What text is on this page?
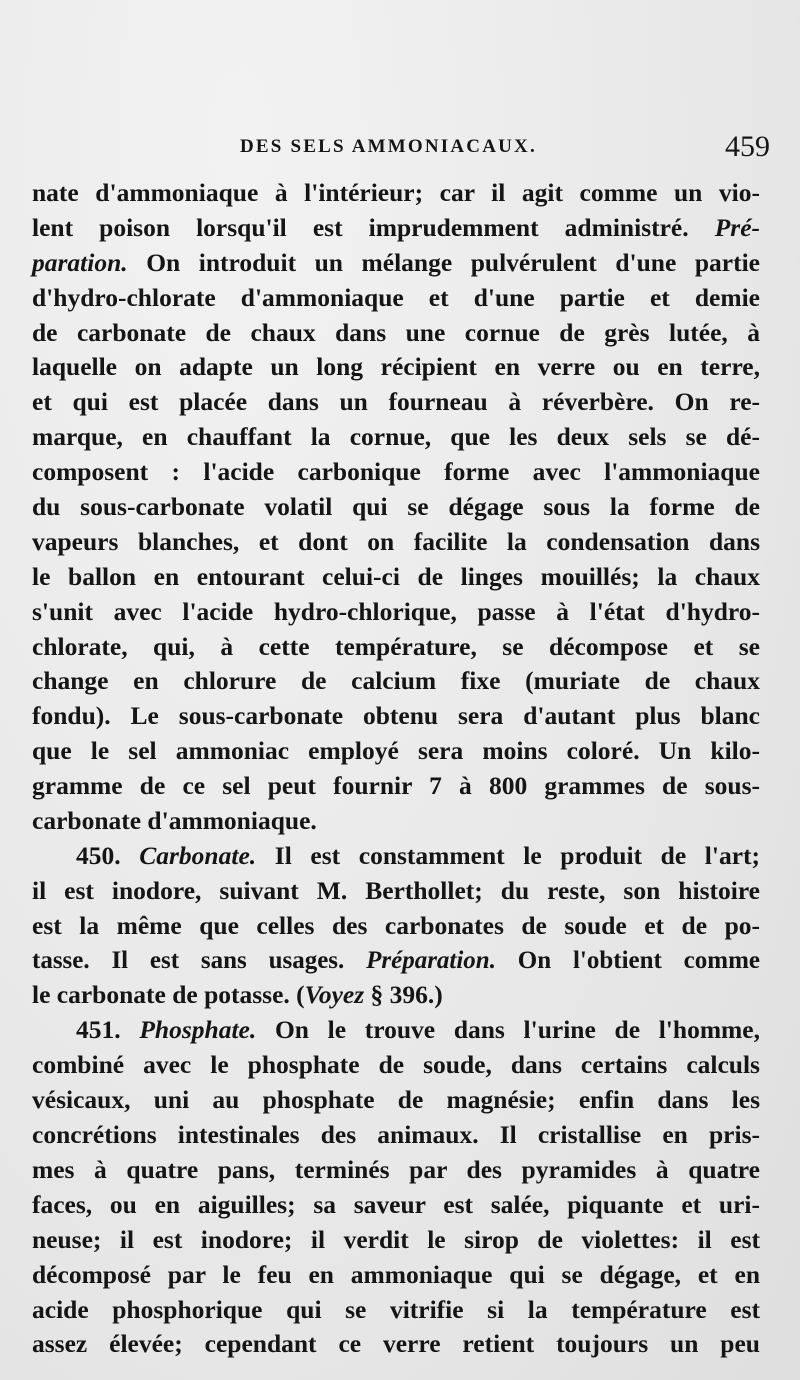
DES SELS AMMONIACAUX.	459
nate d'ammoniaque à l'intérieur; car il agit comme un vio-
lent poison lorsqu'il est imprudemment administré. Pré-
paration. On introduit un mélange pulvérulent d'une partie
d'hydro-chlorate d'ammoniaque et d'une partie et demie
de carbonate de chaux dans une cornue de grès lutée, à
laquelle on adapte un long récipient en verre ou en terre,
et qui est placée dans un fourneau à réverbère. On re-
marque, en chauffant la cornue, que les deux sels se dé-
composent : l'acide carbonique forme avec l'ammoniaque
du sous-carbonate volatil qui se dégage sous la forme de
vapeurs blanches, et dont on facilite la condensation dans
le ballon en entourant celui-ci de linges mouillés; la chaux
s'unit avec l'acide hydro-chlorique, passe à l'état d'hydro-
chlorate, qui, à cette température, se décompose et se
change en chlorure de calcium fixe (muriate de chaux
fondu). Le sous-carbonate obtenu sera d'autant plus blanc
que le sel ammoniac employé sera moins coloré. Un kilo-
gramme de ce sel peut fournir 7 à 800 grammes de sous-
carbonate d'ammoniaque.
450. Carbonate. Il est constamment le produit de l'art;
il est inodore, suivant M. Berthollet; du reste, son histoire
est la même que celles des carbonates de soude et de po-
tasse. Il est sans usages. Préparation. On l'obtient comme
le carbonate de potasse. (Voyez § 396.)
451. Phosphate. On le trouve dans l'urine de l'homme,
combiné avec le phosphate de soude, dans certains calculs
vésicaux, uni au phosphate de magnésie; enfin dans les
concrétions intestinales des animaux. Il cristallise en pris-
mes à quatre pans, terminés par des pyramides à quatre
faces, ou en aiguilles; sa saveur est salée, piquante et uri-
neuse; il est inodore; il verdit le sirop de violettes: il est
décomposé par le feu en ammoniaque qui se dégage, et en
acide phosphorique qui se vitrifie si la température est
assez élevée; cependant ce verre retient toujours un peu
